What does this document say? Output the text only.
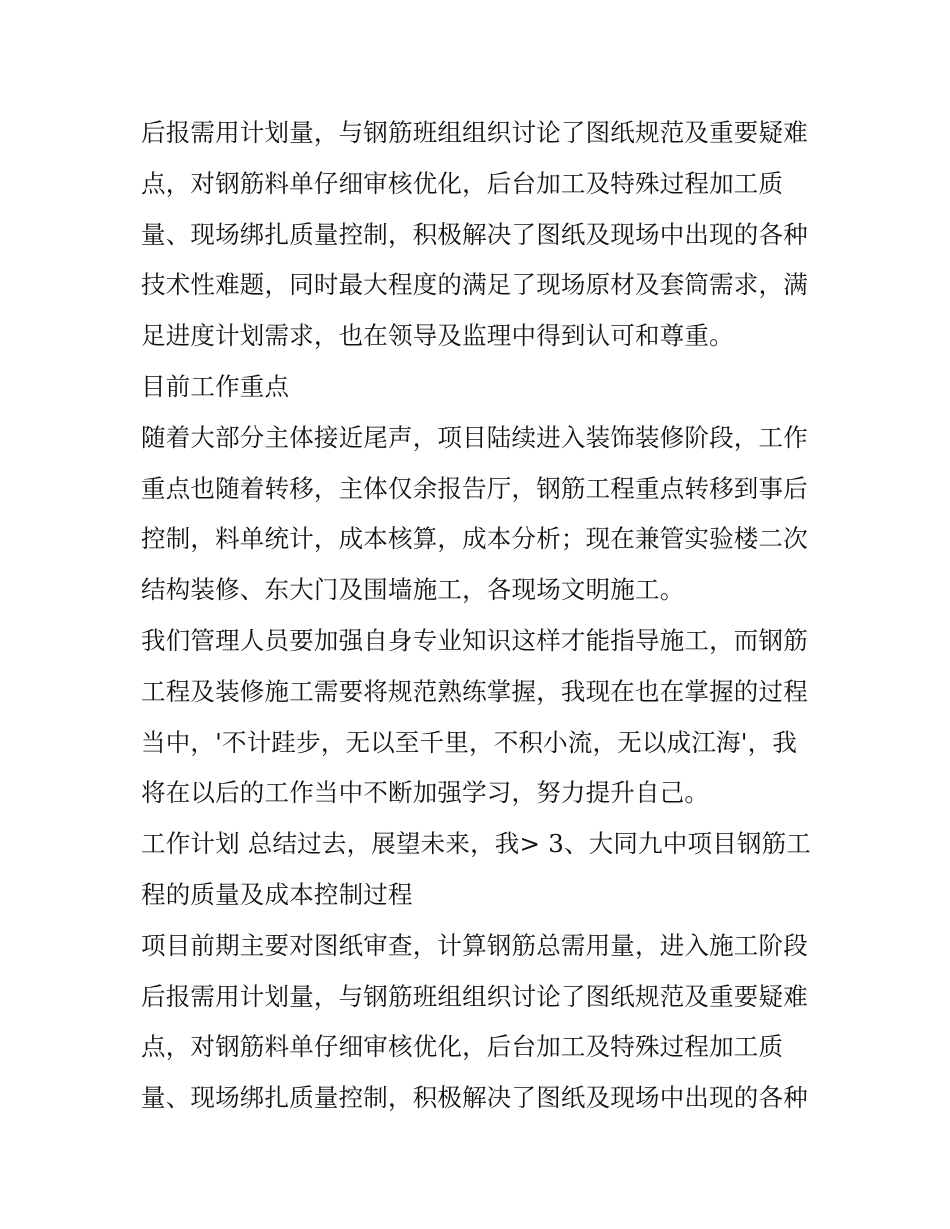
后报需用计划量，与钢筋班组组织讨论了图纸规范及重要疑难
点，对钢筋料单仔细审核优化，后台加工及特殊过程加工质
量、现场绑扎质量控制，积极解决了图纸及现场中出现的各种
技术性难题，同时最大程度的满足了现场原材及套筒需求，满
足进度计划需求，也在领导及监理中得到认可和尊重。
目前工作重点
随着大部分主体接近尾声，项目陆续进入装饰装修阶段，工作
重点也随着转移，主体仅余报告厅，钢筋工程重点转移到事后
控制，料单统计，成本核算，成本分析；现在兼管实验楼二次
结构装修、东大门及围墙施工，各现场文明施工。
我们管理人员要加强自身专业知识这样才能指导施工，而钢筋
工程及装修施工需要将规范熟练掌握，我现在也在掌握的过程
当中，'不计跬步，无以至千里，不积小流，无以成江海'，我
将在以后的工作当中不断加强学习，努力提升自己。
工作计划 总结过去，展望未来，我> 3、大同九中项目钢筋工
程的质量及成本控制过程
项目前期主要对图纸审查，计算钢筋总需用量，进入施工阶段
后报需用计划量，与钢筋班组组织讨论了图纸规范及重要疑难
点，对钢筋料单仔细审核优化，后台加工及特殊过程加工质
量、现场绑扎质量控制，积极解决了图纸及现场中出现的各种
